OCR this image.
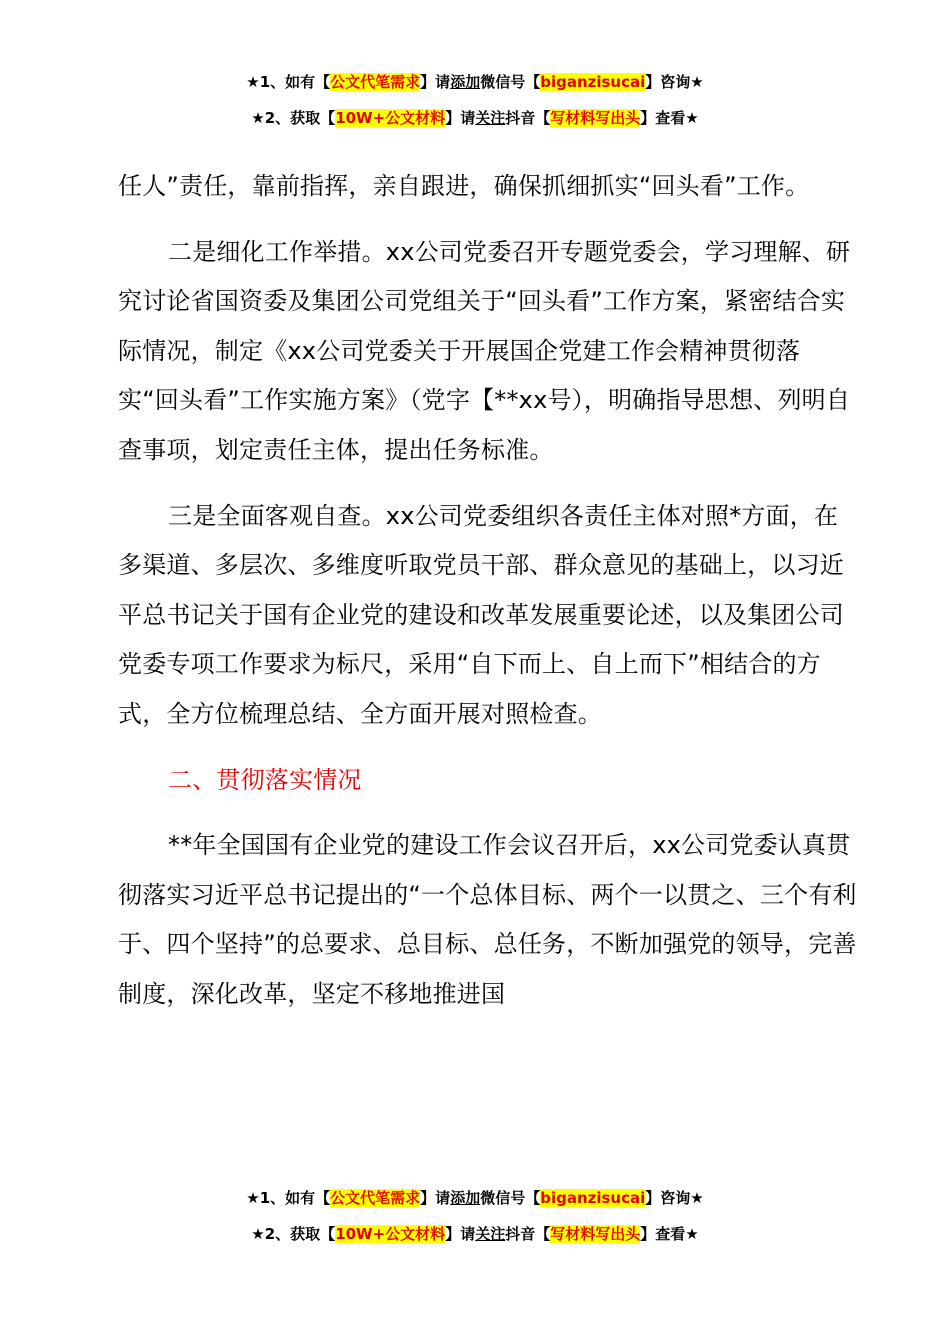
★1、如有【公文代笔需求】请添加微信号【biganzisucai】咨询★
★2、获取【10W+公文材料】请关注抖音【写材料写出头】查看★

任人”责任，靠前指挥，亲自跟进，确保抓细抓实“回头看”工作。

二是细化工作举措。xx公司党委召开专题党委会，学习理解、研究讨论省国资委及集团公司党组关于“回头看”工作方案，紧密结合实际情况，制定《xx公司党委关于开展国企党建工作会精神贯彻落实“回头看”工作实施方案》（党字【**xx号），明确指导思想、列明自查事项，划定责任主体，提出任务标准。

三是全面客观自查。xx公司党委组织各责任主体对照*方面，在多渠道、多层次、多维度听取党员干部、群众意见的基础上，以习近平总书记关于国有企业党的建设和改革发展重要论述，以及集团公司党委专项工作要求为标尺，采用“自下而上、自上而下”相结合的方式，全方位梳理总结、全方面开展对照检查。

二、贯彻落实情况

**年全国国有企业党的建设工作会议召开后，xx公司党委认真贯彻落实习近平总书记提出的“一个总体目标、两个一以贯之、三个有利于、四个坚持”的总要求、总目标、总任务，不断加强党的领导，完善制度，深化改革，坚定不移地推进国

★1、如有【公文代笔需求】请添加微信号【biganzisucai】咨询★
★2、获取【10W+公文材料】请关注抖音【写材料写出头】查看★
